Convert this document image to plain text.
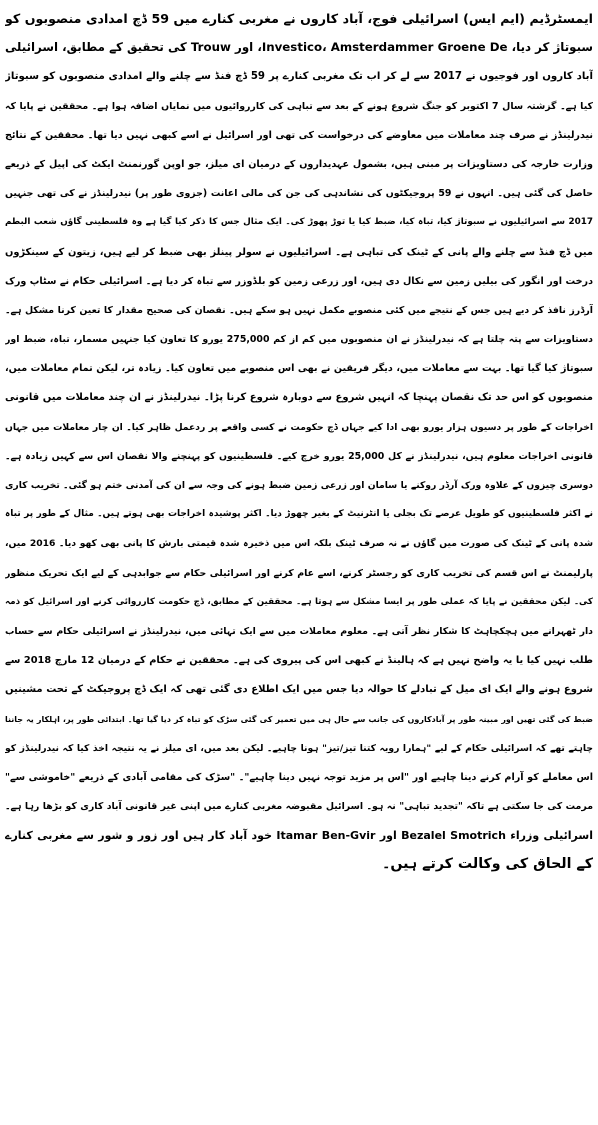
ایمسٹرڈیم (ایم ایس) اسرائیلی فوج، آباد کاروں نے مغربی کنارے میں 59 ڈچ امدادی منصوبوں کو
سبوتاژ کر دیا، Investico، Amsterdammer Groene De، اور Trouw کی تحقیق کے مطابق، اسرائیلی
آباد کاروں اور فوجیوں نے 2017 سے لے کر اب تک مغربی کنارے پر 59 ڈچ فنڈ سے چلنے والے امدادی منصوبوں کو سبوتاژ
کیا ہے۔ گزشتہ سال 7 اکتوبر کو جنگ شروع ہونے کے بعد سے تباہی کی کارروائیوں میں نمایاں اضافہ ہوا ہے۔ محققین نے پایا کہ
نیدرلینڈز نے صرف چند معاملات میں معاوضے کی درخواست کی تھی اور اسرائیل نے اسے کبھی نہیں دیا تھا۔ محققین کے نتائج
وزارت خارجہ کی دستاویزات پر مبنی ہیں، بشمول عہدیداروں کے درمیان ای میلز، جو اوپن گورنمنٹ ایکٹ کی اپیل کے ذریعے
حاصل کی گئی ہیں۔ انہوں نے 59 پروجیکٹوں کی نشاندہی کی جن کی مالی اعانت (جزوی طور پر) نیدرلینڈز نے کی تھی جنہیں
2017 سے اسرائیلیوں نے سبوتاژ کیا، تباہ کیا، ضبط کیا یا توڑ پھوڑ کی۔ ایک مثال جس کا ذکر کیا گیا ہے وہ فلسطینی گاؤں شعب البطم
میں ڈچ فنڈ سے چلنے والے پانی کے ٹینک کی تباہی ہے۔ اسرائیلیوں نے سولر پینلز بھی ضبط کر لیے ہیں، زیتون کے سینکڑوں
درخت اور انگور کی بیلیں زمین سے نکال دی ہیں، اور زرعی زمین کو بلڈوزر سے تباہ کر دیا ہے۔ اسرائیلی حکام نے سٹاپ ورک
آرڈرز نافذ کر دیے ہیں جس کے نتیجے میں کئی منصوبے مکمل نہیں ہو سکے ہیں۔ نقصان کی صحیح مقدار کا تعین کرنا مشکل ہے۔
دستاویزات سے پتہ چلتا ہے کہ نیدرلینڈز نے ان منصوبوں میں کم از کم 275,000 یورو کا تعاون کیا جنہیں مسمار، تباہ، ضبط اور
سبوتاژ کیا گیا تھا۔ بہت سے معاملات میں، دیگر فریقین نے بھی اس منصوبے میں تعاون کیا۔ زیادہ تر، لیکن تمام معاملات میں،
منصوبوں کو اس حد تک نقصان پہنچا کہ انہیں شروع سے دوبارہ شروع کرنا پڑا۔ نیدرلینڈز نے ان چند معاملات میں قانونی
اخراجات کے طور پر دسیوں ہزار یورو بھی ادا کیے جہاں ڈچ حکومت نے کسی واقعے پر ردعمل ظاہر کیا۔ ان چار معاملات میں جہاں
قانونی اخراجات معلوم ہیں، نیدرلینڈز نے کل 25,000 یورو خرچ کیے۔ فلسطینیوں کو پہنچنے والا نقصان اس سے کہیں زیادہ ہے۔
دوسری چیزوں کے علاوہ ورک آرڈر روکنے یا سامان اور زرعی زمین ضبط ہونے کی وجہ سے ان کی آمدنی ختم ہو گئی۔ تخریب کاری
نے اکثر فلسطینیوں کو طویل عرصے تک بجلی یا انٹرنیٹ کے بغیر چھوڑ دیا۔ اکثر پوشیدہ اخراجات بھی ہوتے ہیں۔ مثال کے طور پر تباہ
شدہ پانی کے ٹینک کی صورت میں گاؤں نے نہ صرف ٹینک بلکہ اس میں ذخیرہ شدہ قیمتی بارش کا پانی بھی کھو دیا۔ 2016 میں،
پارلیمنٹ نے اس قسم کی تخریب کاری کو رجسٹر کرنے، اسے عام کرنے اور اسرائیلی حکام سے جوابدہی کے لیے ایک تحریک منظور
کی۔ لیکن محققین نے پایا کہ عملی طور پر ایسا مشکل سے ہوتا ہے۔ محققین کے مطابق، ڈچ حکومت کارروائی کرنے اور اسرائیل کو ذمہ
دار ٹھہرانے میں ہچکچاہٹ کا شکار نظر آتی ہے۔ معلوم معاملات میں سے ایک تہائی میں، نیدرلینڈز نے اسرائیلی حکام سے حساب
طلب نہیں کیا یا یہ واضح نہیں ہے کہ ہالینڈ نے کبھی اس کی پیروی کی ہے۔ محققین نے حکام کے درمیان 12 مارچ 2018 سے
شروع ہونے والے ایک ای میل کے تبادلے کا حوالہ دیا جس میں ایک اطلاع دی گئی تھی کہ ایک ڈچ پروجیکٹ کے تحت مشینیں
ضبط کی گئی تھیں اور مبینہ طور پر آبادکاروں کی جانب سے حال ہی میں تعمیر کی گئی سڑک کو تباہ کر دیا گیا تھا۔ ابتدائی طور پر، اہلکار یہ جاننا
چاہتے تھے کہ اسرائیلی حکام کے لیے "ہمارا رویہ کتنا تیز/تیز" ہونا چاہیے۔ لیکن بعد میں، ای میلز نے یہ نتیجہ اخذ کیا کہ نیدرلینڈز کو
اس معاملے کو آرام کرنے دینا چاہیے اور "اس پر مزید توجہ نہیں دینا چاہیے"۔ "سڑک کی مقامی آبادی کے ذریعے "خاموشی سے"
مرمت کی جا سکتی ہے تاکہ "تجدید تباہی" نہ ہو۔ اسرائیل مقبوضہ مغربی کنارے میں اپنی غیر قانونی آباد کاری کو بڑھا رہا ہے۔
اسرائیلی وزراء Bezalel Smotrich اور Itamar Ben-Gvir خود آباد کار ہیں اور زور و شور سے مغربی کنارے
کے الحاق کی وکالت کرتے ہیں۔
